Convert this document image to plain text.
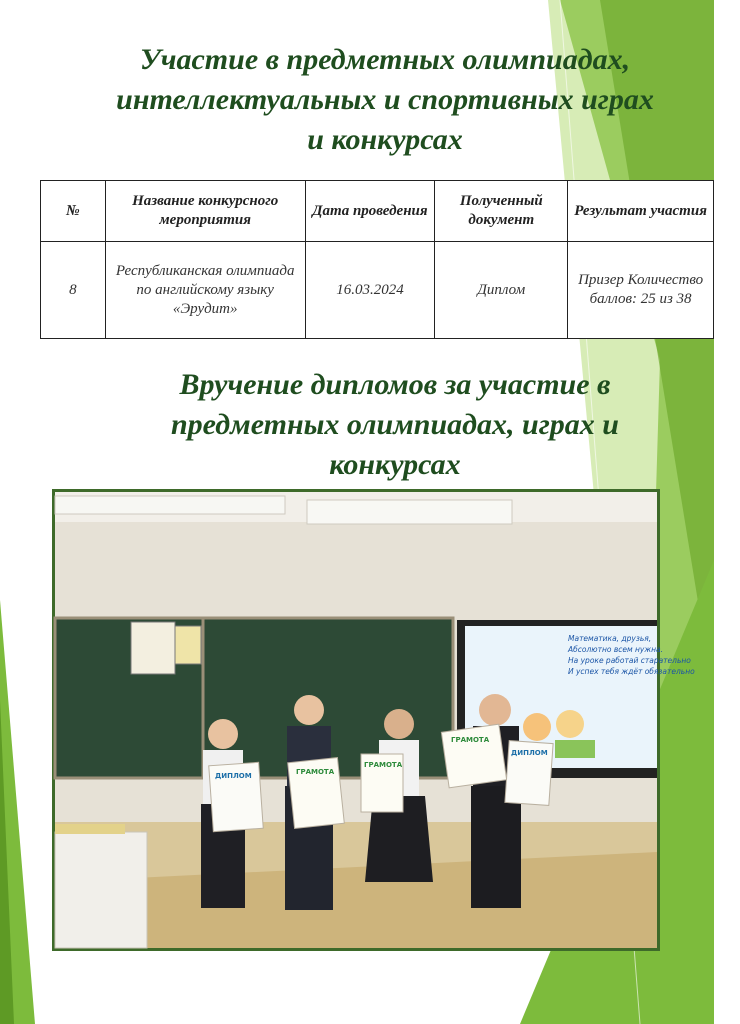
Участие в предметных олимпиадах,
интеллектуальных и спортивных играх
и конкурсах
№	Название конкурсного мероприятия	Дата проведения	Полученный документ	Результат участия
8	Республиканская олимпиада по английскому языку «Эрудит»	16.03.2024	Диплом	Призер Количество баллов: 25 из 38
Вручение дипломов за участие в
предметных олимпиадах, играх и
конкурсах
Математика, друзья,
Абсолютно всем нужна.
На уроке работай старательно
И успех тебя ждёт обязательно
ДИПЛОМ	ГРАМОТА
ГРАМОТА
ГРАМОТА
ДИПЛОМ
